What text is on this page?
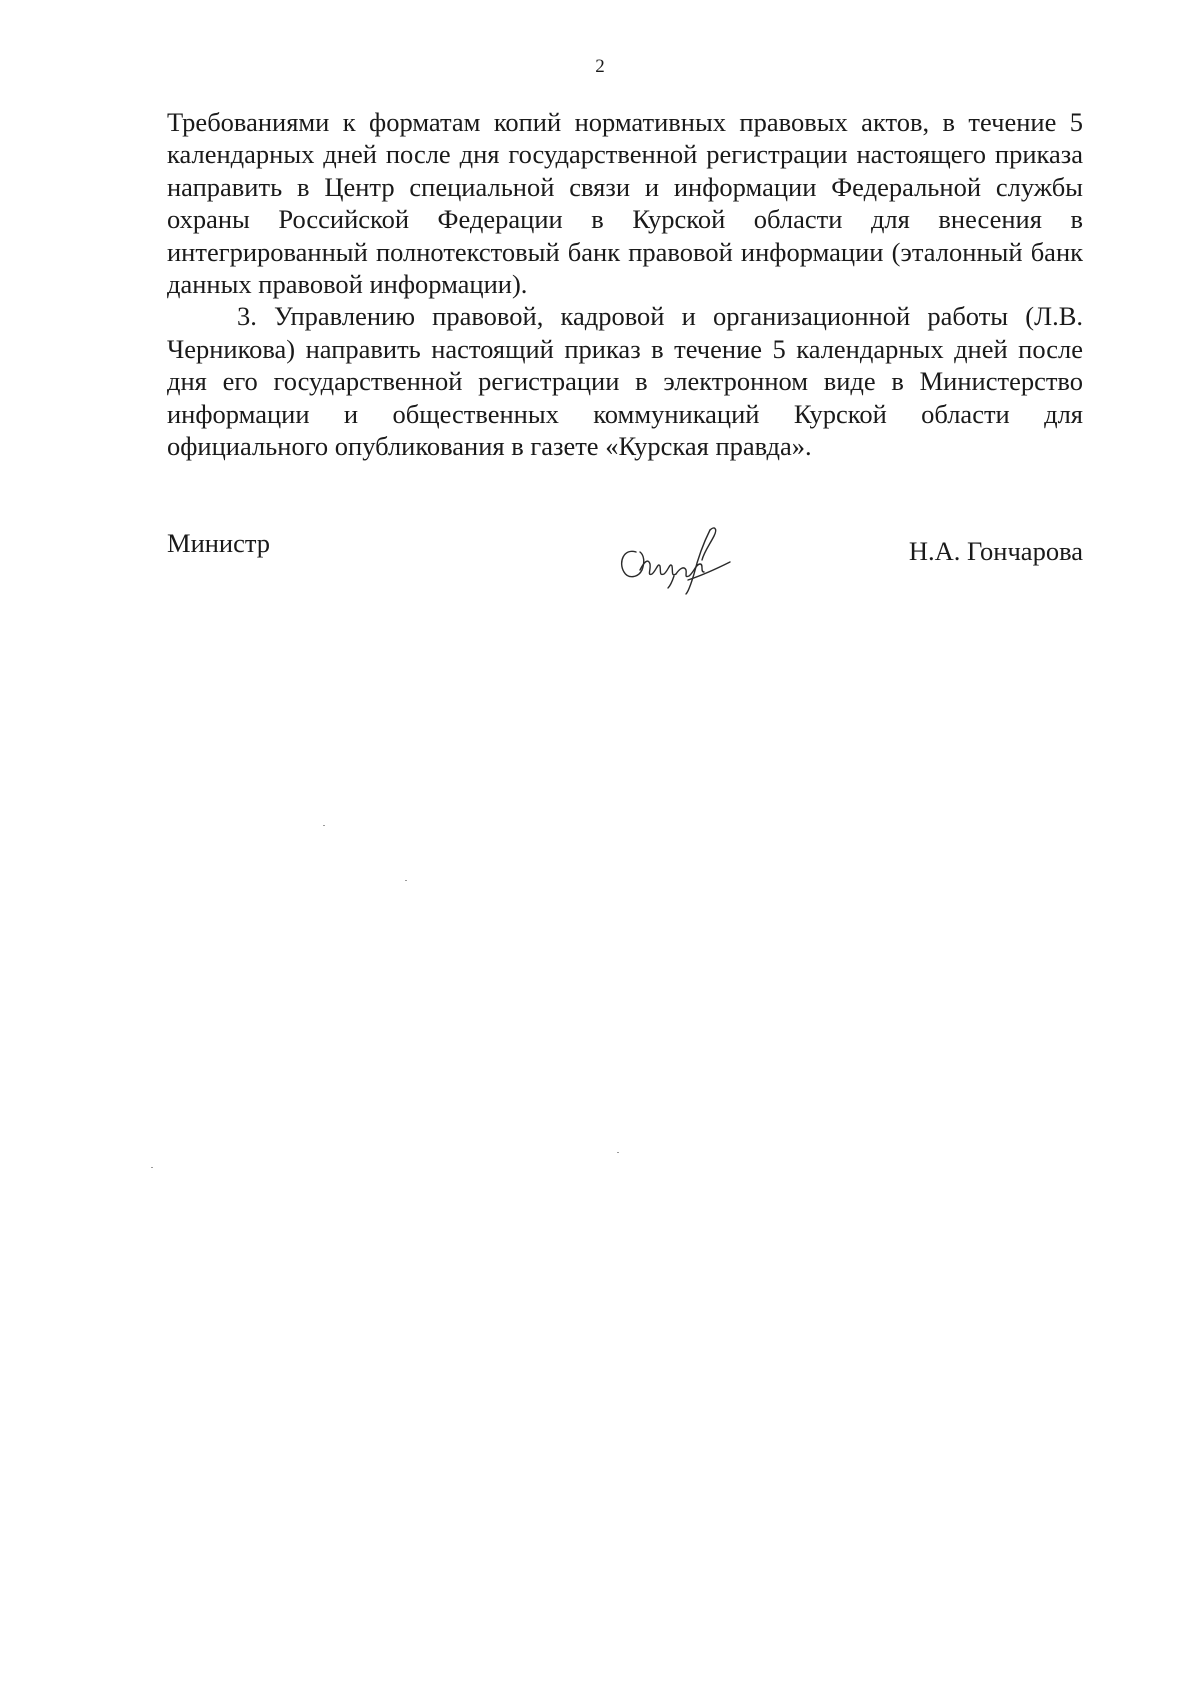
2

Требованиями к форматам копий нормативных правовых актов, в течение 5 календарных дней после дня государственной регистрации настоящего приказа направить в Центр специальной связи и информации Федеральной службы охраны Российской Федерации в Курской области для внесения в интегрированный полнотекстовый банк правовой информации (эталонный банк данных правовой информации).

3. Управлению правовой, кадровой и организационной работы (Л.В. Черникова) направить настоящий приказ в течение 5 календарных дней после дня его государственной регистрации в электронном виде в Министерство информации и общественных коммуникаций Курской области для официального опубликования в газете «Курская правда».

Министр	Н.А. Гончарова
